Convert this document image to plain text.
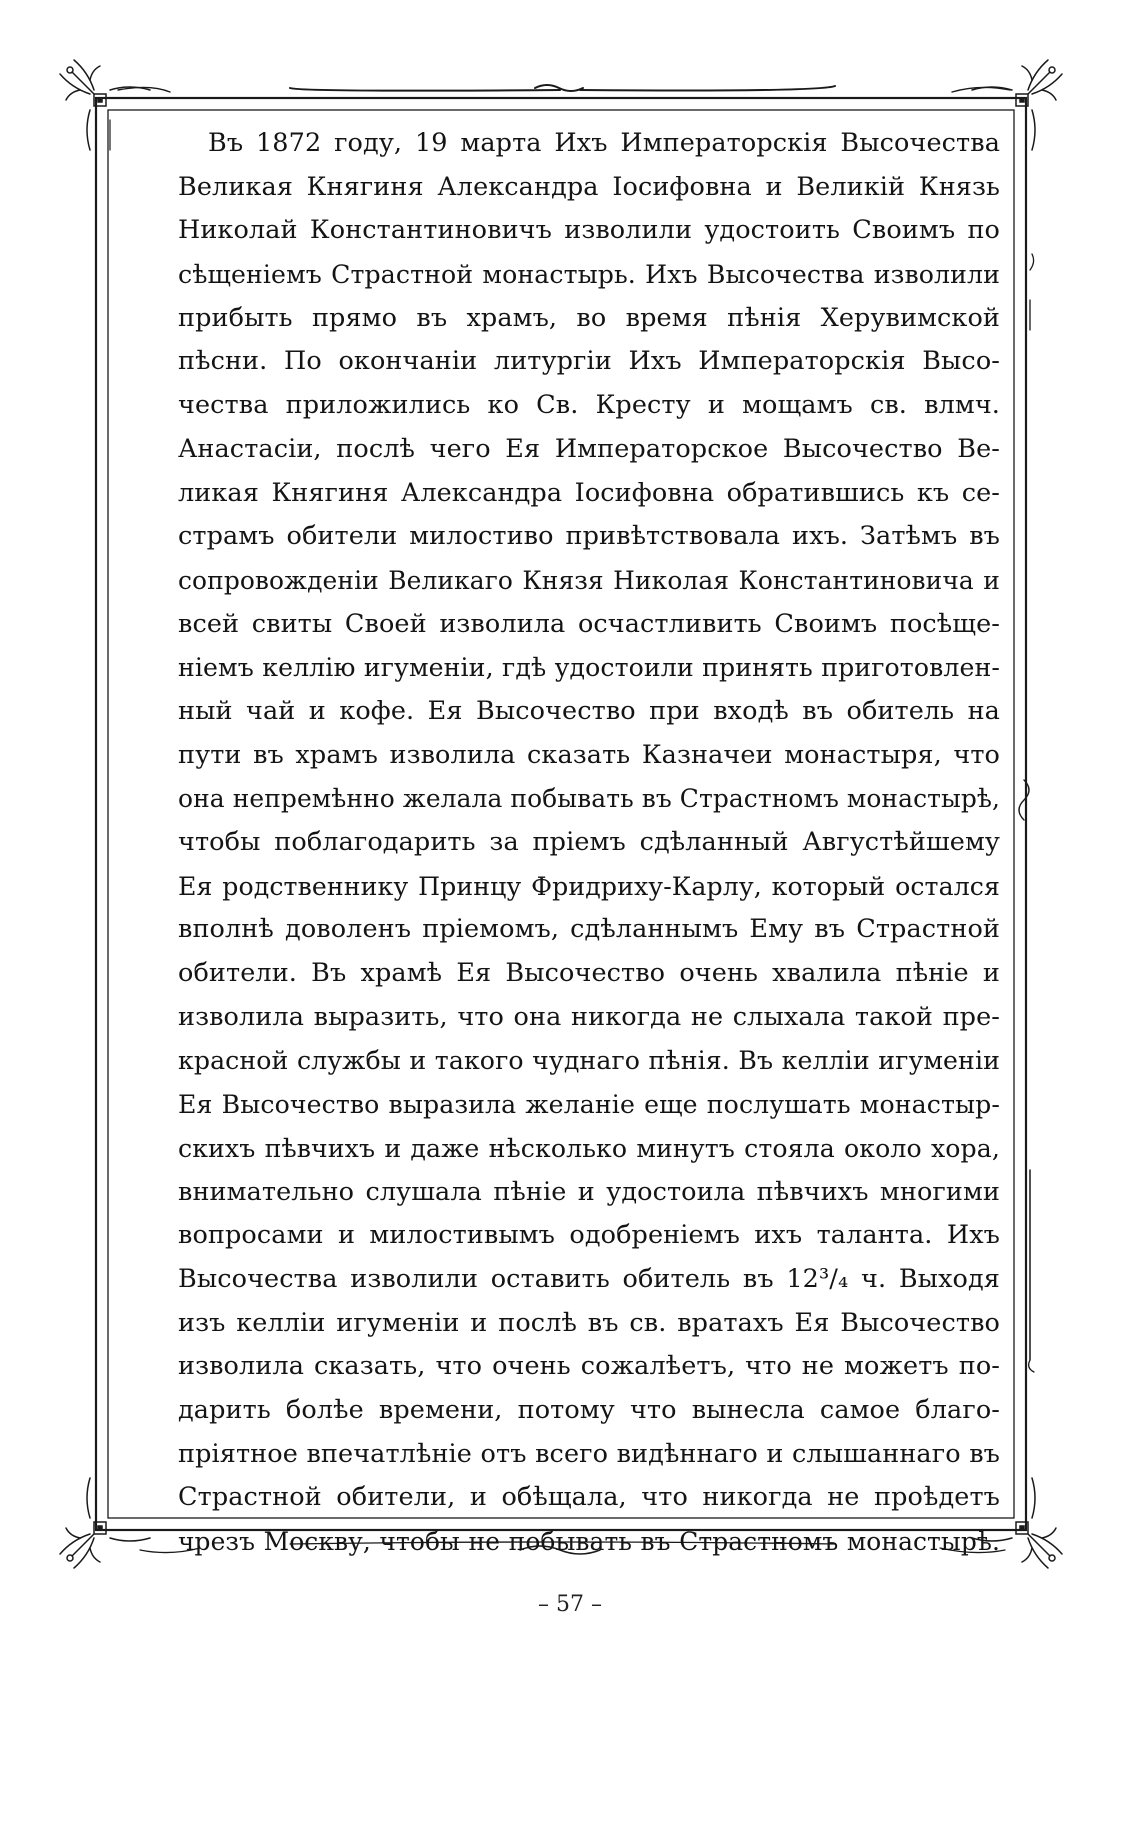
Въ 1872 году, 19 марта Ихъ Императорскія Высочества
Великая Княгиня Александра Іосифовна и Великій Князь
Николай Константиновичъ изволили удостоить Своимъ по
сѣщеніемъ Страстной монастырь. Ихъ Высочества изволили
прибыть прямо въ храмъ, во время пѣнія Херувимской
пѣсни. По окончаніи литургіи Ихъ Императорскія Высо-
чества приложились ко Св. Кресту и мощамъ св. влмч.
Анастасіи, послѣ чего Ея Императорское Высочество Ве-
ликая Княгиня Александра Іосифовна обратившись къ се-
страмъ обители милостиво привѣтствовала ихъ. Затѣмъ въ
сопровожденіи Великаго Князя Николая Константиновича и
всей свиты Своей изволила осчастливить Своимъ посѣще-
ніемъ келлію игуменіи, гдѣ удостоили принять приготовлен-
ный чай и кофе. Ея Высочество при входѣ въ обитель на
пути въ храмъ изволила сказать Казначеи монастыря, что
она непремѣнно желала побывать въ Страстномъ монастырѣ,
чтобы поблагодарить за пріемъ сдѣланный Августѣйшему
Ея родственнику Принцу Фридриху-Карлу, который остался
вполнѣ доволенъ пріемомъ, сдѣланнымъ Ему въ Страстной
обители. Въ храмѣ Ея Высочество очень хвалила пѣніе и
изволила выразить, что она никогда не слыхала такой пре-
красной службы и такого чуднаго пѣнія. Въ келліи игуменіи
Ея Высочество выразила желаніе еще послушать монастыр-
скихъ пѣвчихъ и даже нѣсколько минутъ стояла около хора,
внимательно слушала пѣніе и удостоила пѣвчихъ многими
вопросами и милостивымъ одобреніемъ ихъ таланта. Ихъ
Высочества изволили оставить обитель въ 12³/₄ ч. Выходя
изъ келліи игуменіи и послѣ въ св. вратахъ Ея Высочество
изволила сказать, что очень сожалѣетъ, что не можетъ по-
дарить болѣе времени, потому что вынесла самое благо-
пріятное впечатлѣніе отъ всего видѣннаго и слышаннаго въ
Страстной обители, и обѣщала, что никогда не проѣдетъ
чрезъ Москву, чтобы не побывать въ Страстномъ монастырѣ.
– 57 –
